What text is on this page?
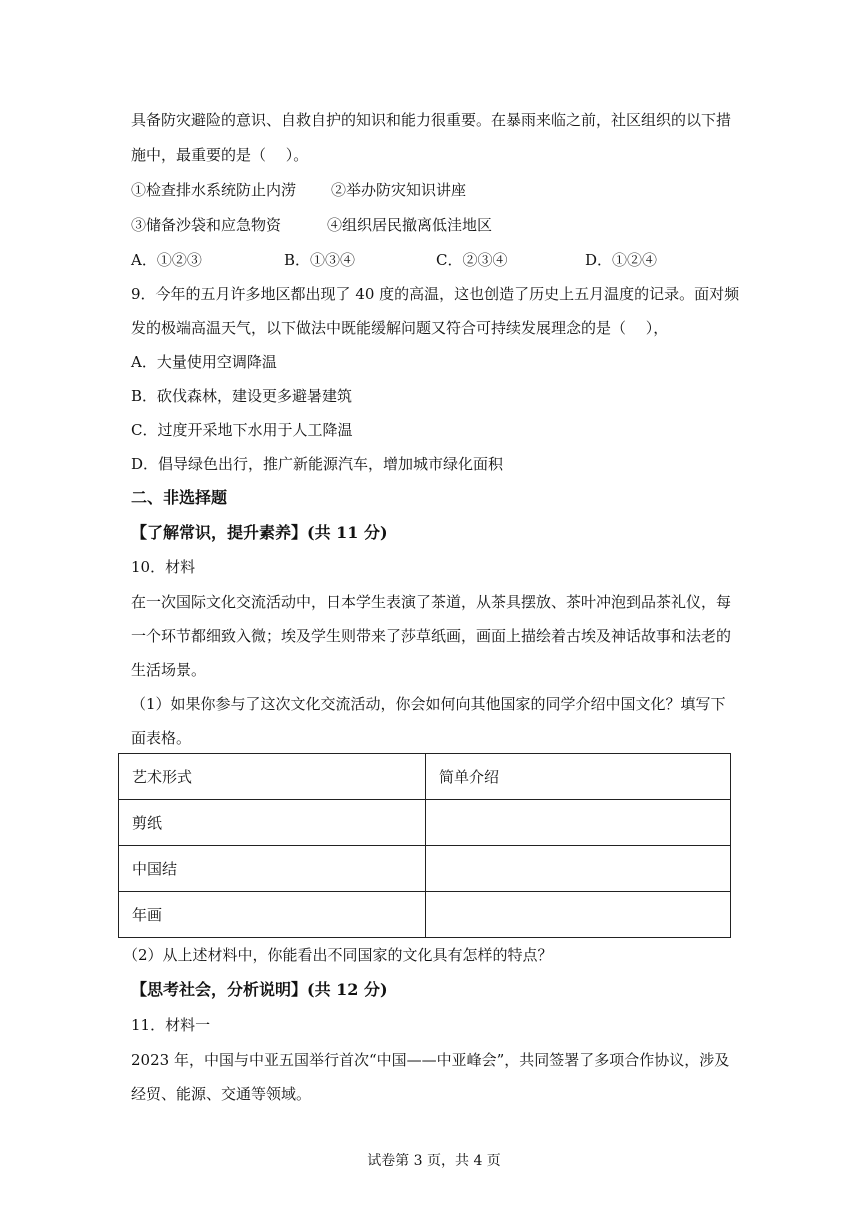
具备防灾避险的意识、自救自护的知识和能力很重要。在暴雨来临之前，社区组织的以下措
施中，最重要的是（　 ）。
①检查排水系统防止内涝 ②举办防灾知识讲座
③储备沙袋和应急物资	④组织居民撤离低洼地区
A．①②③	B．①③④	C．②③④	D．①②④
9．今年的五月许多地区都出现了 40 度的高温，这也创造了历史上五月温度的记录。面对频
发的极端高温天气，以下做法中既能缓解问题又符合可持续发展理念的是（　 ），
A．大量使用空调降温
B．砍伐森林，建设更多避暑建筑
C．过度开采地下水用于人工降温
D．倡导绿色出行，推广新能源汽车，增加城市绿化面积
二、非选择题
【了解常识，提升素养】(共 11 分)
10．材料
在一次国际文化交流活动中，日本学生表演了茶道，从茶具摆放、茶叶冲泡到品茶礼仪，每
一个环节都细致入微；埃及学生则带来了莎草纸画，画面上描绘着古埃及神话故事和法老的
生活场景。
（1）如果你参与了这次文化交流活动，你会如何向其他国家的同学介绍中国文化？填写下
面表格。
艺术形式	简单介绍
剪纸	
中国结	
年画	
（2）从上述材料中，你能看出不同国家的文化具有怎样的特点？
【思考社会，分析说明】(共 12 分)
11．材料一
2023 年，中国与中亚五国举行首次“中国——中亚峰会”，共同签署了多项合作协议，涉及
经贸、能源、交通等领域。
试卷第 3 页，共 4 页
